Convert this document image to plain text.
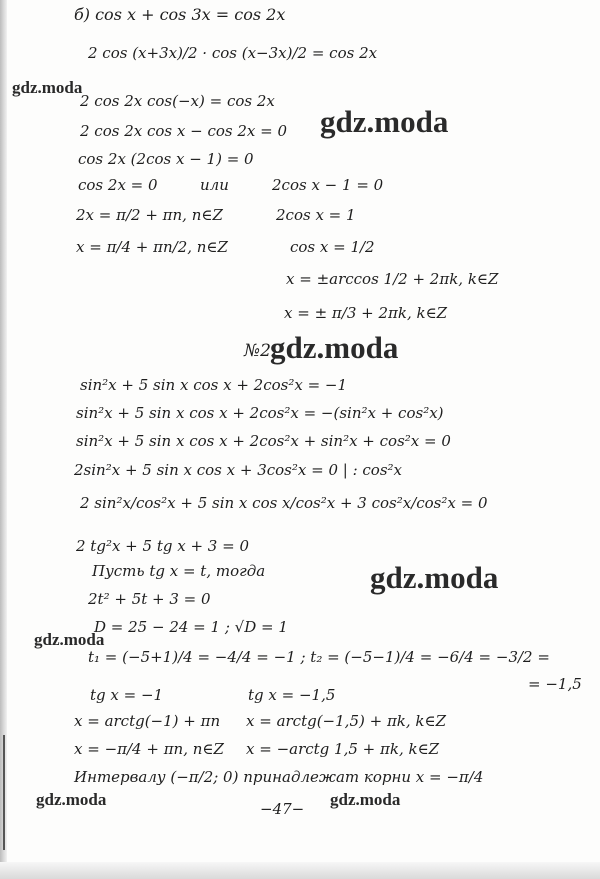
б) cos x + cos 3x = cos 2x
2 cos (x+3x)/2 · cos (x−3x)/2 = cos 2x
2 cos 2x cos(−x) = cos 2x
2 cos 2x cos x − cos 2x = 0
cos 2x (2cos x − 1) = 0
cos 2x = 0	или	2cos x − 1 = 0
2x = π/2 + πn, n∈Z	2cos x = 1
x = π/4 + πn/2, n∈Z	cos x = 1/2
x = ±arccos 1/2 + 2πk, k∈Z
x = ± π/3 + 2πk, k∈Z
№2
sin²x + 5 sin x cos x + 2cos²x = −1
sin²x + 5 sin x cos x + 2cos²x = −(sin²x + cos²x)
sin²x + 5 sin x cos x + 2cos²x + sin²x + cos²x = 0
2sin²x + 5 sin x cos x + 3cos²x = 0 | : cos²x
2 sin²x/cos²x + 5 sin x cos x/cos²x + 3 cos²x/cos²x = 0
2 tg²x + 5 tg x + 3 = 0
Пусть tg x = t, тогда
2t² + 5t + 3 = 0
D = 25 − 24 = 1 ; √D = 1
t₁ = (−5+1)/4 = −4/4 = −1 ; t₂ = (−5−1)/4 = −6/4 = −3/2 =
= −1,5
tg x = −1	tg x = −1,5
x = arctg(−1) + πn x = arctg(−1,5) + πk, k∈Z
x = −π/4 + πn, n∈Z x = −arctg 1,5 + πk, k∈Z
Интервалу (−π/2; 0) принадлежат корни x = −π/4
−47−
gdz.moda
gdz.moda
gdz.moda
gdz.moda
gdz.moda
gdz.moda	gdz.moda
